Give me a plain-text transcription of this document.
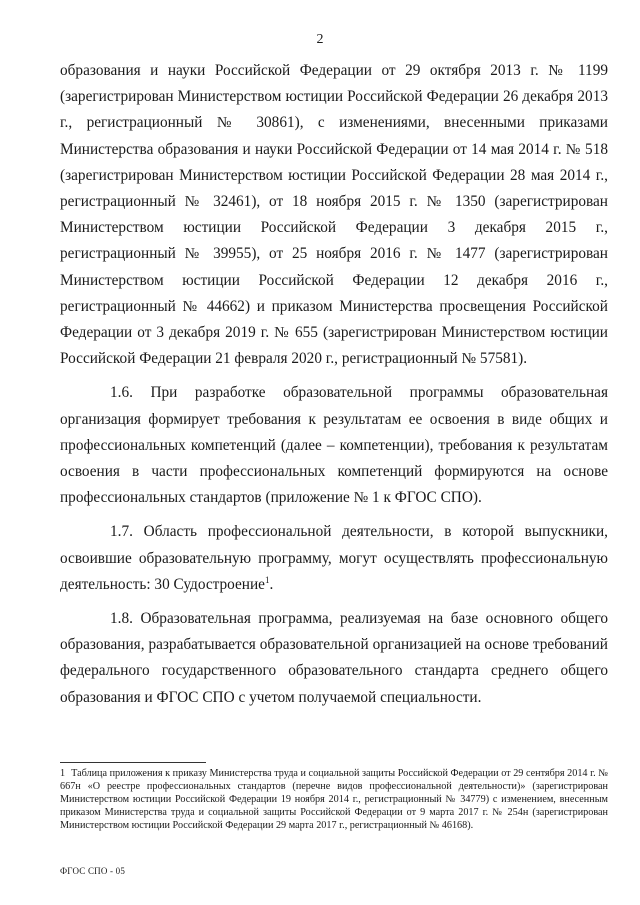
2

образования и науки Российской Федерации от 29 октября 2013 г. № 1199 (зарегистрирован Министерством юстиции Российской Федерации 26 декабря 2013 г., регистрационный № 30861), с изменениями, внесенными приказами Министерства образования и науки Российской Федерации от 14 мая 2014 г. № 518 (зарегистрирован Министерством юстиции Российской Федерации 28 мая 2014 г., регистрационный № 32461), от 18 ноября 2015 г. № 1350 (зарегистрирован Министерством юстиции Российской Федерации 3 декабря 2015 г., регистрационный № 39955), от 25 ноября 2016 г. № 1477 (зарегистрирован Министерством юстиции Российской Федерации 12 декабря 2016 г., регистрационный № 44662) и приказом Министерства просвещения Российской Федерации от 3 декабря 2019 г. № 655 (зарегистрирован Министерством юстиции Российской Федерации 21 февраля 2020 г., регистрационный № 57581).

1.6. При разработке образовательной программы образовательная организация формирует требования к результатам ее освоения в виде общих и профессиональных компетенций (далее – компетенции), требования к результатам освоения в части профессиональных компетенций формируются на основе профессиональных стандартов (приложение № 1 к ФГОС СПО).

1.7. Область профессиональной деятельности, в которой выпускники, освоившие образовательную программу, могут осуществлять профессиональную деятельность: 30 Судостроение$^1$.

1.8. Образовательная программа, реализуемая на базе основного общего образования, разрабатывается образовательной организацией на основе требований федерального государственного образовательного стандарта среднего общего образования и ФГОС СПО с учетом получаемой специальности.

1 Таблица приложения к приказу Министерства труда и социальной защиты Российской Федерации от 29 сентября 2014 г. № 667н «О реестре профессиональных стандартов (перечне видов профессиональной деятельности)» (зарегистрирован Министерством юстиции Российской Федерации 19 ноября 2014 г., регистрационный № 34779) с изменением, внесенным приказом Министерства труда и социальной защиты Российской Федерации от 9 марта 2017 г. № 254н (зарегистрирован Министерством юстиции Российской Федерации 29 марта 2017 г., регистрационный № 46168).
ФГОС СПО - 05
